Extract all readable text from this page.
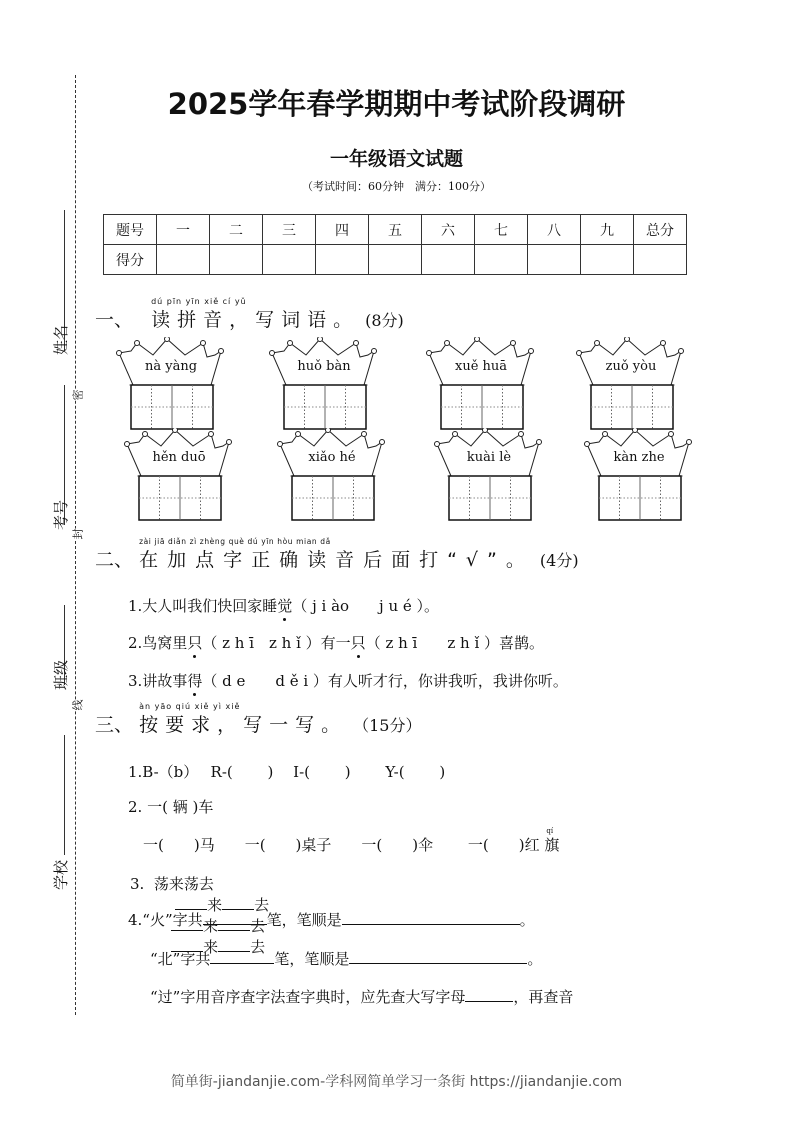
2025学年春学期期中考试阶段调研
一年级语文试题
（考试时间：60分钟　满分：100分）
题号	一	二	三	四	五	六	七	八	九	总分
得分										
姓名
考号
班级
学校
密
封
线
一、
dú pīn yīn xiě cí yǔ
读拼音，写词语。 (8分)
nà yàng	huǒ bàn	xuě huā	zuǒ yòu
hěn duō	xiǎo hé	kuài lè	kàn zhe
二、
zài jiā diǎn zì zhèng què dú yīn hòu mian dǎ
在加点字正确读音后面打“√”。 (4分)
1.大人叫我们快回家睡觉（ j i ào　　j u é ）。
2.鸟窝里只（ z h ī　z h ǐ ）有一只（ z h ī　　z h ǐ ）喜鹊。
3.讲故事得（ d e　　d ě i ）有人听才行，你讲我听，我讲你听。
三、
àn yāo qiú xiě yì xiě
按要求，写一写。 （15分）
1.B-（b）　 R-(　　 )　 I-(　　 )　　 Y-(　　 )
2. 一( 辆 )车
　一(　　)马　　一(　　)桌子　　一(　　)伞　　 一(　　)红
qí
旗
3.  荡来荡去
来 去
来 去
来 去

4.“火”字共	笔，笔顺是	。
“北”字共	笔，笔顺是	。
“过”字用音序查字法查字典时，应先查大写字母	，再查音
简单街-jiandanjie.com-学科网简单学习一条街 https://jiandanjie.com
